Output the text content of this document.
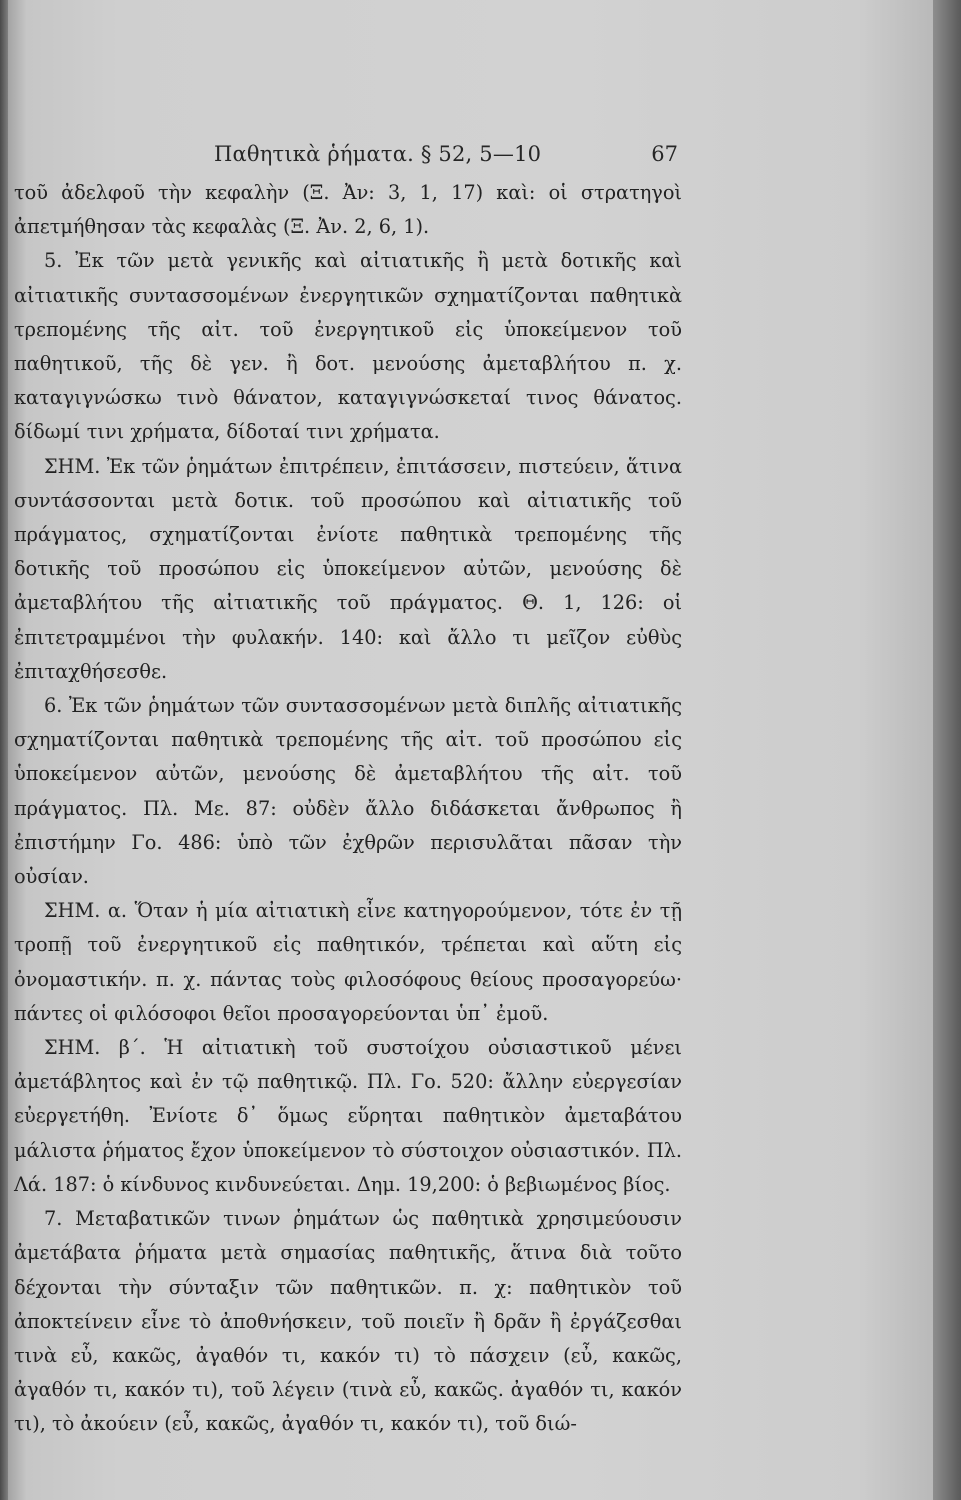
Παθητικὰ ῥήματα. § 52, 5—10	67

τοῦ ἀδελφοῦ τὴν κεφαλὴν (Ξ. Ἀν: 3, 1, 17) καὶ: οἱ στρατηγοὶ ἀπετμήθησαν τὰς κεφαλὰς (Ξ. Ἀν. 2, 6, 1).

5. Ἐκ τῶν μετὰ γενικῆς καὶ αἰτιατικῆς ἢ μετὰ δοτικῆς καὶ αἰτιατικῆς συντασσομένων ἐνεργητικῶν σχηματίζονται παθητικὰ τρεπομένης τῆς αἰτ. τοῦ ἐνεργητικοῦ εἰς ὑποκείμενον τοῦ παθητικοῦ, τῆς δὲ γεν. ἢ δοτ. μενούσης ἀμεταβλήτου π. χ. καταγιγνώσκω τινὸ θάνατον, καταγιγνώσκεταί τινος θάνατος. δίδωμί τινι χρήματα, δίδοταί τινι χρήματα.

ΣΗΜ. Ἐκ τῶν ῥημάτων ἐπιτρέπειν, ἐπιτάσσειν, πιστεύειν, ἅτινα συντάσσονται μετὰ δοτικ. τοῦ προσώπου καὶ αἰτιατικῆς τοῦ πράγματος, σχηματίζονται ἐνίοτε παθητικὰ τρεπομένης τῆς δοτικῆς τοῦ προσώπου εἰς ὑποκείμενον αὐτῶν, μενούσης δὲ ἀμεταβλήτου τῆς αἰτιατικῆς τοῦ πράγματος. Θ. 1, 126: οἱ ἐπιτετραμμένοι τὴν φυλακήν. 140: καὶ ἄλλο τι μεῖζον εὐθὺς ἐπιταχθήσεσθε.

6. Ἐκ τῶν ῥημάτων τῶν συντασσομένων μετὰ διπλῆς αἰτιατικῆς σχηματίζονται παθητικὰ τρεπομένης τῆς αἰτ. τοῦ προσώπου εἰς ὑποκείμενον αὐτῶν, μενούσης δὲ ἀμεταβλήτου τῆς αἰτ. τοῦ πράγματος. Πλ. Με. 87: οὐδὲν ἄλλο διδάσκεται ἄνθρωπος ἢ ἐπιστήμην Γο. 486: ὑπὸ τῶν ἐχθρῶν περισυλᾶται πᾶσαν τὴν οὐσίαν.

ΣΗΜ. α. Ὅταν ἡ μία αἰτιατικὴ εἶνε κατηγορούμενον, τότε ἐν τῇ τροπῇ τοῦ ἐνεργητικοῦ εἰς παθητικόν, τρέπεται καὶ αὕτη εἰς ὀνομαστικήν. π. χ. πάντας τοὺς φιλοσόφους θείους προσαγορεύω· πάντες οἱ φιλόσοφοι θεῖοι προσαγορεύονται ὑπ᾽ ἐμοῦ.

ΣΗΜ. β΄. Ἡ αἰτιατικὴ τοῦ συστοίχου οὐσιαστικοῦ μένει ἀμετάβλητος καὶ ἐν τῷ παθητικῷ. Πλ. Γο. 520: ἄλλην εὐεργεσίαν εὐεργετήθη. Ἐνίοτε δ᾽ ὅμως εὕρηται παθητικὸν ἀμεταβάτου μάλιστα ῥήματος ἔχον ὑποκείμενον τὸ σύστοιχον οὐσιαστικόν. Πλ. Λά. 187: ὁ κίνδυνος κινδυνεύεται. Δημ. 19,200: ὁ βεβιωμένος βίος.

7. Μεταβατικῶν τινων ῥημάτων ὡς παθητικὰ χρησιμεύουσιν ἀμετάβατα ῥήματα μετὰ σημασίας παθητικῆς, ἅτινα διὰ τοῦτο δέχονται τὴν σύνταξιν τῶν παθητικῶν. π. χ: παθητικὸν τοῦ ἀποκτείνειν εἶνε τὸ ἀποθνήσκειν, τοῦ ποιεῖν ἢ δρᾶν ἢ ἐργάζεσθαι τινὰ εὖ, κακῶς, ἀγαθόν τι, κακόν τι) τὸ πάσχειν (εὖ, κακῶς, ἀγαθόν τι, κακόν τι), τοῦ λέγειν (τινὰ εὖ, κακῶς. ἀγαθόν τι, κακόν τι), τὸ ἀκούειν (εὖ, κακῶς, ἀγαθόν τι, κακόν τι), τοῦ διώ-
